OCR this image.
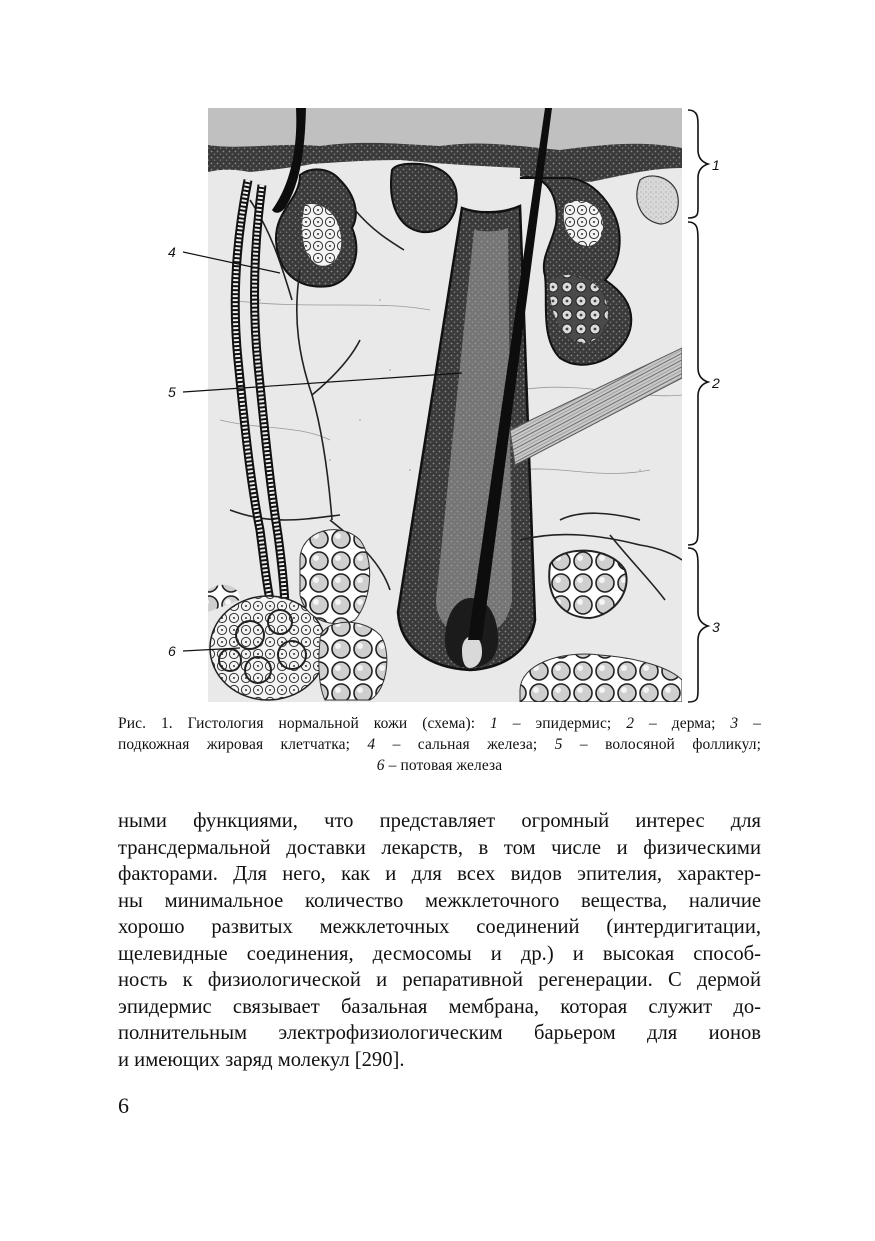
1
2
3
4
5
6

Рис. 1. Гистология нормальной кожи (схема): 1 – эпидермис; 2 – дерма; 3 –

подкожная жировая клетчатка; 4 – сальная железа; 5 – волосяной фолликул;

6 – потовая железа

ными функциями, что представляет огромный интерес для
трансдермальной доставки лекарств, в том числе и физическими
факторами. Для него, как и для всех видов эпителия, характер-
ны минимальное количество межклеточного вещества, наличие
хорошо развитых межклеточных соединений (интердигитации,
щелевидные соединения, десмосомы и др.) и высокая способ-
ность к физиологической и репаративной регенерации. С дермой
эпидермис связывает базальная мембрана, которая служит до-
полнительным электрофизиологическим барьером для ионов
и имеющих заряд молекул [290].
6
